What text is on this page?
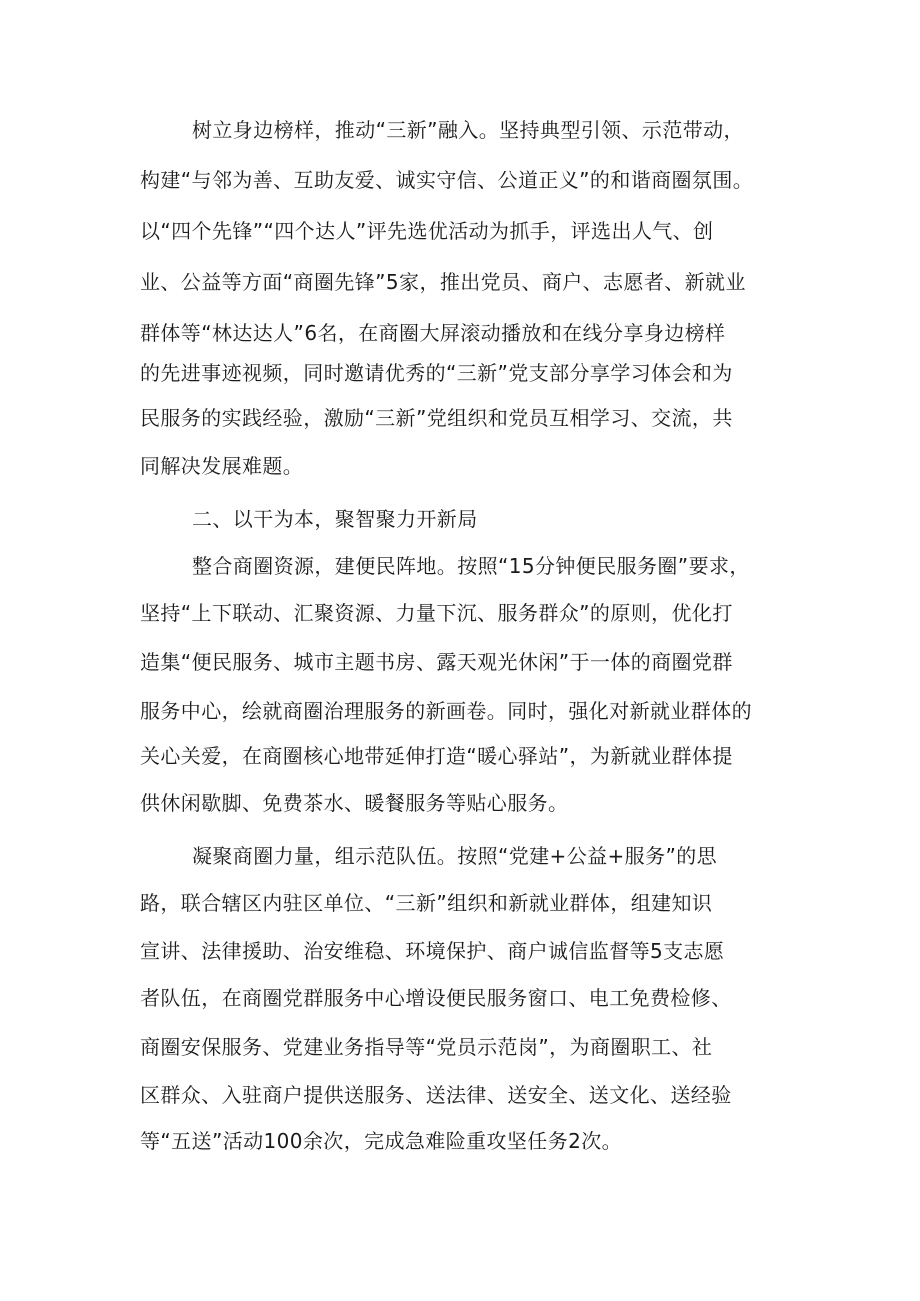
树立身边榜样，推动“三新”融入。坚持典型引领、示范带动，

构建“与邻为善、互助友爱、诚实守信、公道正义”的和谐商圈氛围。

以“四个先锋”“四个达人”评先选优活动为抓手，评选出人气、创

业、公益等方面“商圈先锋”5家，推出党员、商户、志愿者、新就业

群体等“林达达人”6名，在商圈大屏滚动播放和在线分享身边榜样

的先进事迹视频，同时邀请优秀的“三新”党支部分享学习体会和为

民服务的实践经验，激励“三新”党组织和党员互相学习、交流，共

同解决发展难题。

二、以干为本，聚智聚力开新局

整合商圈资源，建便民阵地。按照“15分钟便民服务圈”要求，

坚持“上下联动、汇聚资源、力量下沉、服务群众”的原则，优化打

造集“便民服务、城市主题书房、露天观光休闲”于一体的商圈党群

服务中心，绘就商圈治理服务的新画卷。同时，强化对新就业群体的

关心关爱，在商圈核心地带延伸打造“暖心驿站”，为新就业群体提

供休闲歇脚、免费茶水、暖餐服务等贴心服务。

凝聚商圈力量，组示范队伍。按照“党建+公益+服务”的思

路，联合辖区内驻区单位、“三新”组织和新就业群体，组建知识

宣讲、法律援助、治安维稳、环境保护、商户诚信监督等5支志愿

者队伍，在商圈党群服务中心增设便民服务窗口、电工免费检修、

商圈安保服务、党建业务指导等“党员示范岗”，为商圈职工、社

区群众、入驻商户提供送服务、送法律、送安全、送文化、送经验

等“五送”活动100余次，完成急难险重攻坚任务2次。
